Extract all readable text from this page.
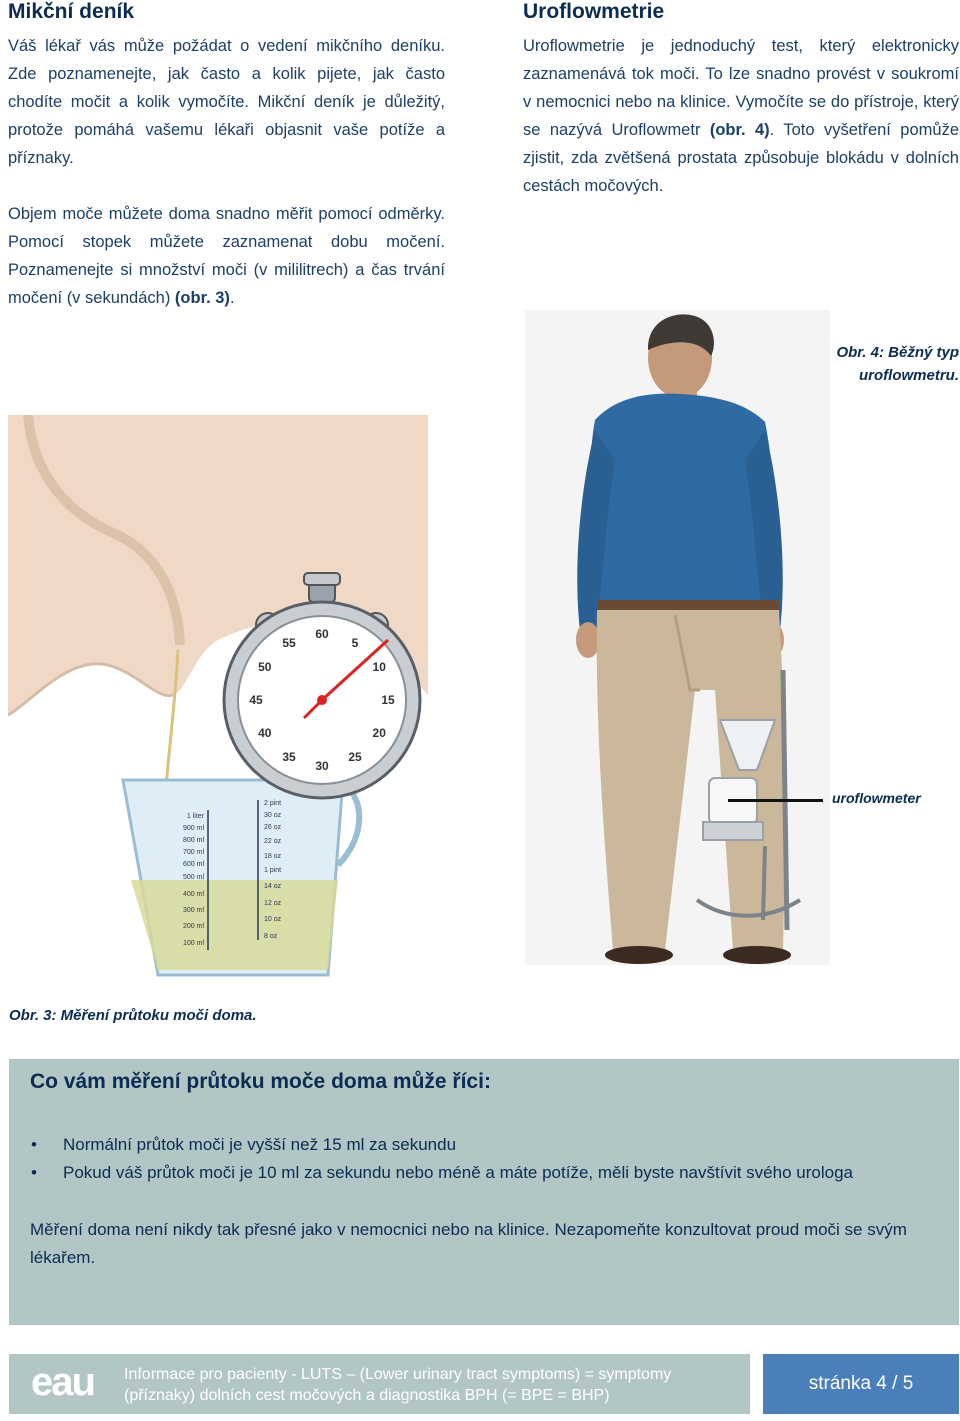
Mikční deník

Váš lékař vás může požádat o vedení mikčního deníku. Zde poznamenejte, jak často a kolik pijete, jak často chodíte močit a kolik vymočíte. Mikční deník je důležitý, protože pomáhá vašemu lékaři objasnit vaše potíže a příznaky.

Objem moče můžete doma snadno měřit pomocí odměrky. Pomocí stopek můžete zaznamenat dobu močení. Poznamenejte si množství moči (v mililitrech) a čas trvání močení (v sekundách) (obr. 3).

Uroflowmetrie

Uroflowmetrie je jednoduchý test, který elektronicky zaznamenává tok moči. To lze snadno provést v soukromí v nemocnici nebo na klinice. Vymočíte se do přístroje, který se nazývá Uroflowmetr (obr. 4). Toto vyšetření pomůže zjistit, zda zvětšená prostata způsobuje blokádu v dolních cestách močových.

1 liter
900 ml
800 ml
700 ml
600 ml
500 ml
400 ml
300 ml
200 ml
100 ml
2 pint
30 oz
26 oz
22 oz
18 oz
1 pint
14 oz
12 oz
10 oz
8 oz
55
60
5
10
15
20
25
30
35
40
45
50
Obr. 3: Měření průtoku moči doma.
Obr. 4: Běžný typ
uroflowmetru.
uroflowmeter
Co vám měření průtoku moče doma může říci:
• Normální průtok moči je vyšší než 15 ml za sekundu
• Pokud váš průtok moči je 10 ml za sekundu nebo méně a máte potíže, měli byste navštívit svého urologa

Měření doma není nikdy tak přesné jako v nemocnici nebo na klinice. Nezapomeňte konzultovat proud moči se svým lékařem.

eau Informace pro pacienty - LUTS – (Lower urinary tract symptoms) = symptomy
(příznaky) dolních cest močových a diagnostika BPH (= BPE = BHP)
stránka 4 / 5
